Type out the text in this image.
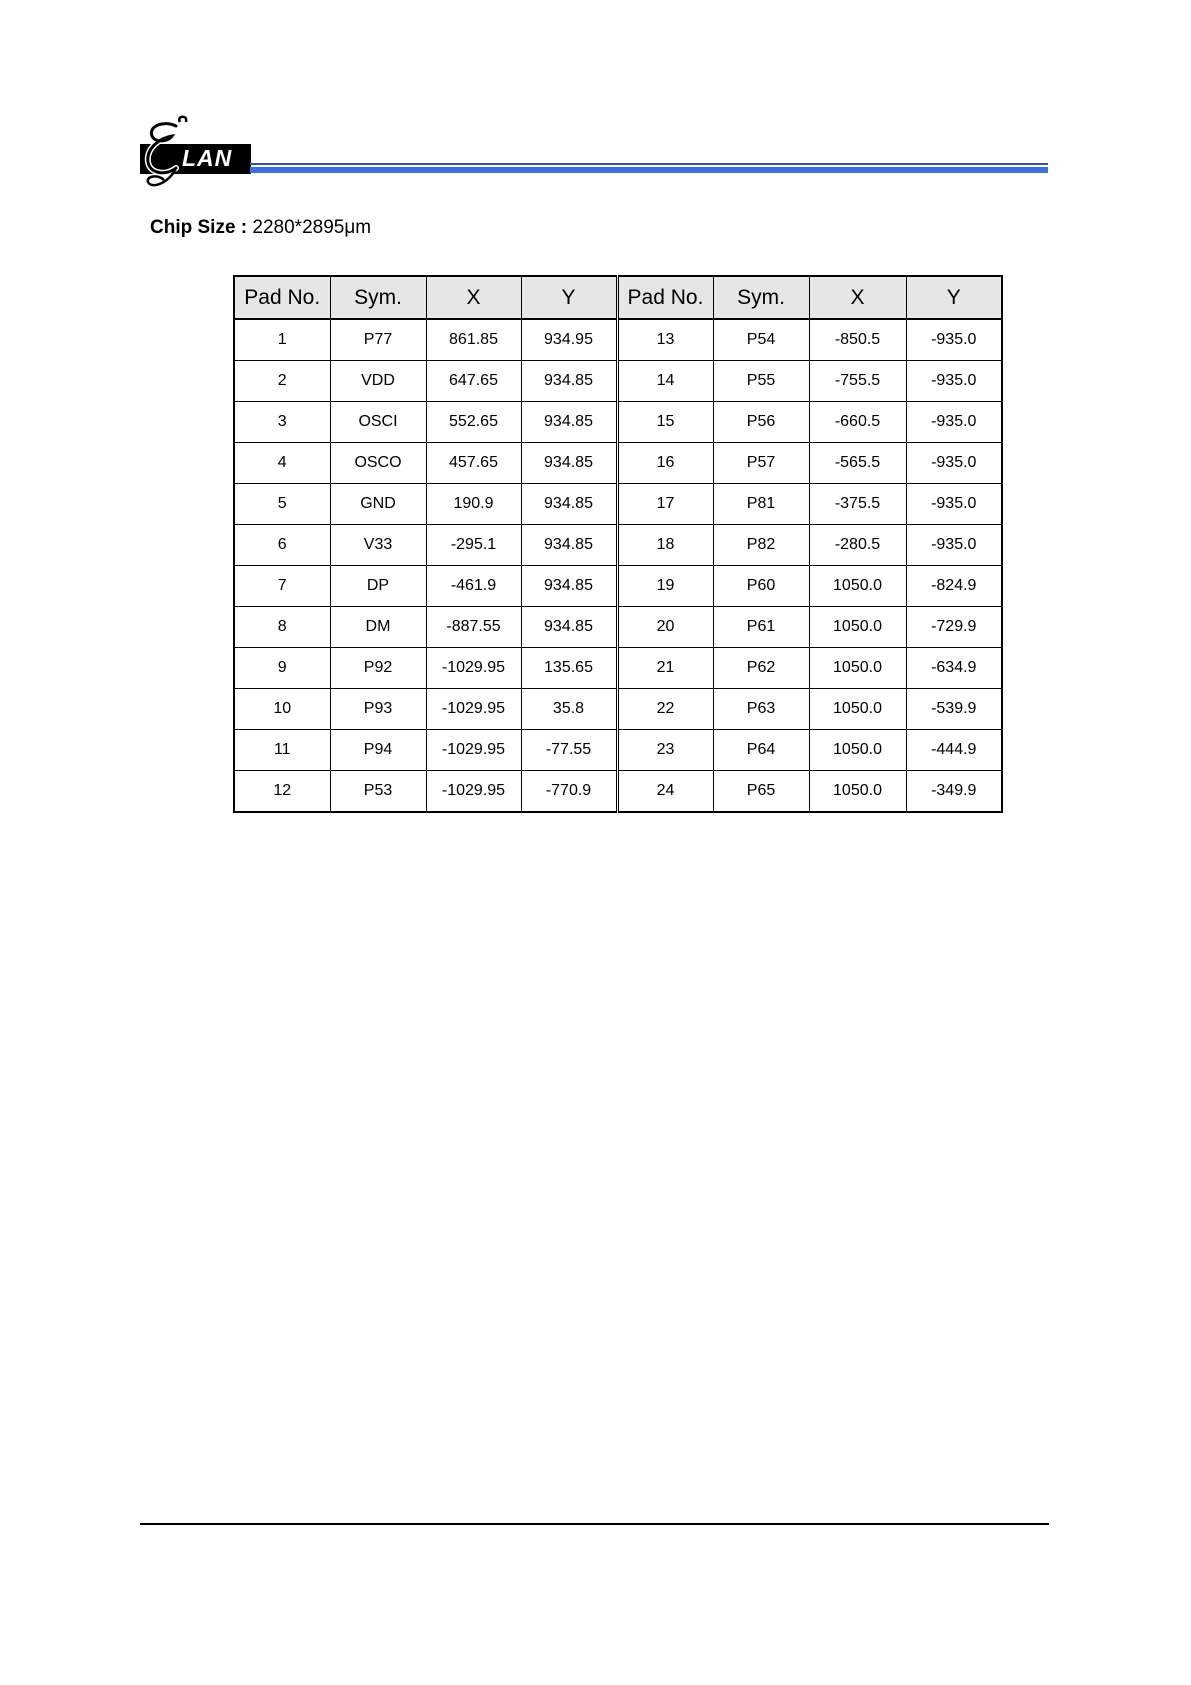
LAN
Chip Size : 2280*2895μm
Pad No.	Sym.	X	Y	Pad No.	Sym.	X	Y
1	P77	861.85	934.95	13	P54	-850.5	-935.0
2	VDD	647.65	934.85	14	P55	-755.5	-935.0
3	OSCI	552.65	934.85	15	P56	-660.5	-935.0
4	OSCO	457.65	934.85	16	P57	-565.5	-935.0
5	GND	190.9	934.85	17	P81	-375.5	-935.0
6	V33	-295.1	934.85	18	P82	-280.5	-935.0
7	DP	-461.9	934.85	19	P60	1050.0	-824.9
8	DM	-887.55	934.85	20	P61	1050.0	-729.9
9	P92	-1029.95	135.65	21	P62	1050.0	-634.9
10	P93	-1029.95	35.8	22	P63	1050.0	-539.9
11	P94	-1029.95	-77.55	23	P64	1050.0	-444.9
12	P53	-1029.95	-770.9	24	P65	1050.0	-349.9
